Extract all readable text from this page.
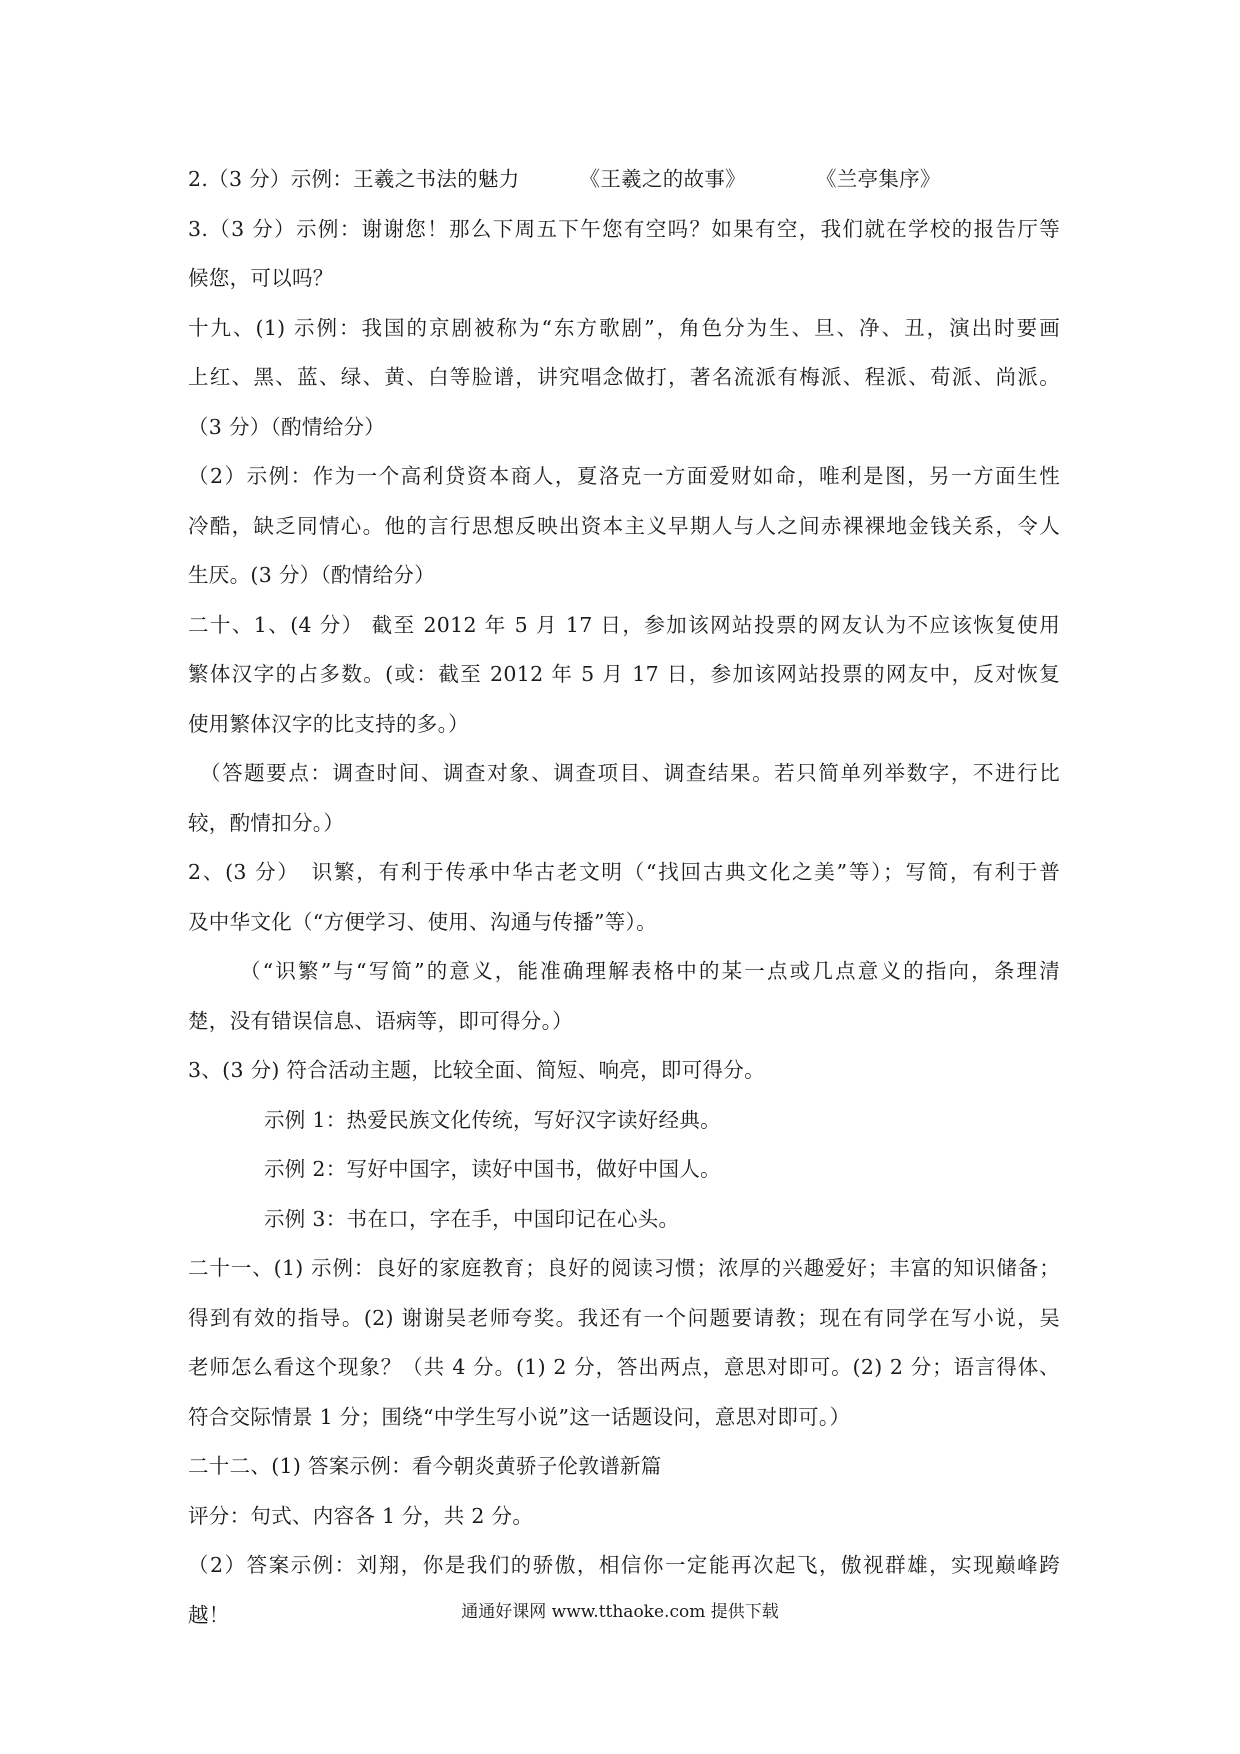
2.（3 分）示例：王羲之书法的魅力	《王羲之的故事》	《兰亭集序》
3.（3 分）示例：谢谢您！那么下周五下午您有空吗？如果有空，我们就在学校的报告厅等
候您，可以吗？
十九、(1) 示例：我国的京剧被称为“东方歌剧”，角色分为生、旦、净、丑，演出时要画
上红、黑、蓝、绿、黄、白等脸谱，讲究唱念做打，著名流派有梅派、程派、荀派、尚派。
（3 分）（酌情给分）
（2）示例：作为一个高利贷资本商人，夏洛克一方面爱财如命，唯利是图，另一方面生性
冷酷，缺乏同情心。他的言行思想反映出资本主义早期人与人之间赤裸裸地金钱关系，令人
生厌。(3 分）（酌情给分）
二十、1、(4 分） 截至 2012 年 5 月 17 日，参加该网站投票的网友认为不应该恢复使用
繁体汉字的占多数。(或：截至 2012 年 5 月 17 日，参加该网站投票的网友中，反对恢复
使用繁体汉字的比支持的多。）
（答题要点：调查时间、调查对象、调查项目、调查结果。若只简单列举数字，不进行比
较，酌情扣分。）
2、(3 分）　识繁，有利于传承中华古老文明（“找回古典文化之美”等）；写简，有利于普
及中华文化（“方便学习、使用、沟通与传播”等）。
（“识繁”与“写简”的意义，能准确理解表格中的某一点或几点意义的指向，条理清
楚，没有错误信息、语病等，即可得分。）
3、(3 分) 符合活动主题，比较全面、简短、响亮，即可得分。
示例 1：热爱民族文化传统，写好汉字读好经典。
示例 2：写好中国字，读好中国书，做好中国人。
示例 3：书在口，字在手，中国印记在心头。
二十一、(1) 示例：良好的家庭教育；良好的阅读习惯；浓厚的兴趣爱好；丰富的知识储备；
得到有效的指导。(2) 谢谢吴老师夸奖。我还有一个问题要请教；现在有同学在写小说，吴
老师怎么看这个现象？（共 4 分。(1) 2 分，答出两点，意思对即可。(2) 2 分；语言得体、
符合交际情景 1 分；围绕“中学生写小说”这一话题设问，意思对即可。）
二十二、(1) 答案示例：看今朝炎黄骄子伦敦谱新篇
评分：句式、内容各 1 分，共 2 分。
（2）答案示例：刘翔，你是我们的骄傲，相信你一定能再次起飞，傲视群雄，实现巅峰跨
越！	通通好课网 www.tthaoke.com 提供下载
